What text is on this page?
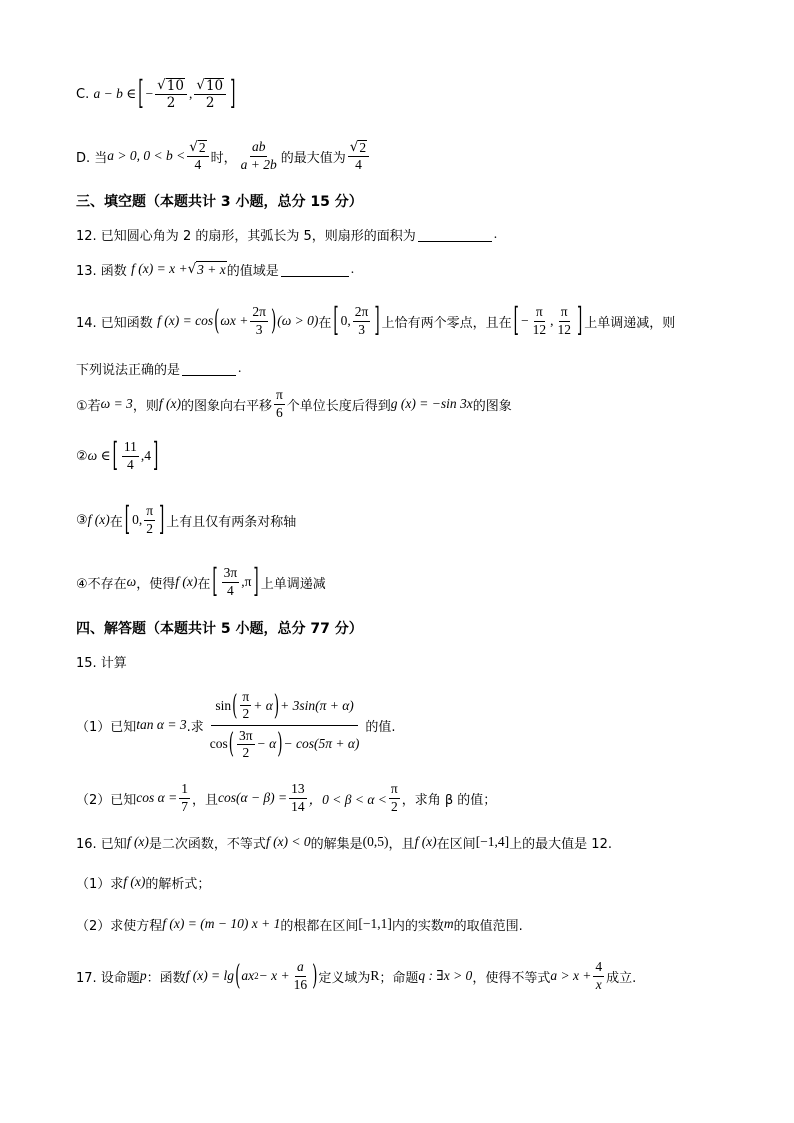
C.
a − b ∈ [ − $\frac{√ 10}{2}$ , $\frac{√ 10}{2}$ ]
D. 当 a > 0, $0 < b < \frac{√ 2}{4}$ 时， $\frac{ab}{a + 2b}$ 的最大值为 $\frac{√ 2}{4}$
三、填空题（本题共计 3 小题，总分 15 分）
12. 已知圆心角为 2 的扇形，其弧长为 5，则扇形的面积为	.
13. 函数
f (x) = x + √ 3 + x 的值域是	.
14. 已知函数
f (x) = cos ( $\omega x + \frac{2\pi}{3}$ ) (ω > 0) 在 [ 0, $\frac{2\pi}{3}$ ] 上恰有两个零点，且在 [ − $\frac{\pi}{12}$ , $\frac{\pi}{12}$ ] 上单调递减，则
下列说法正确的是	.
①若 ω = 3 ，则 f (x) 的图象向右平移 $\frac{\pi}{6}$ 个单位长度后得到 g (x) = −sin 3x 的图象
② ω ∈ [ $\frac{11}{4} ,4$ ]
③ f (x) 在 [ 0, $\frac{\pi}{2}$ ] 上有且仅有两条对称轴
④不存在 ω ，使得 f (x) 在 [ $\frac{3\pi}{4} ,\pi$ ] 上单调递减
四、解答题（本题共计 5 小题，总分 77 分）
15. 计算
（1）已知 tan α = 3 .求
sin ( $\frac{\pi}{2} + \alpha$ ) + 3sin(π + α)
cos ( $\frac{3\pi}{2} - \alpha$ ) − cos(5π + α)
的值.
（2）已知 $\cos \alpha = \frac{1}{7}$ ，且 $\cos(\alpha - \beta) = \frac{13}{14}$ ，$0 < \beta < \alpha < \frac{\pi}{2}$ ，求角 β 的值；
16. 已知 f (x) 是二次函数，不等式 f (x) < 0 的解集是 (0,5) ，且 f (x) 在区间 [−1,4] 上的最大值是 12.
（1）求 f (x) 的解析式；
（2）求使方程 f (x) = (m − 10) x + 1 的根都在区间 [−1,1] 内的实数 m 的取值范围.
17. 设命题 p ：函数 f (x) = lg ( ax $2 - x + \frac{a}{16}$ ) 定义域为 R ；命题 q : ∃x > 0 ，使得不等式 $a > x + \frac{4}{x}$ 成立.
